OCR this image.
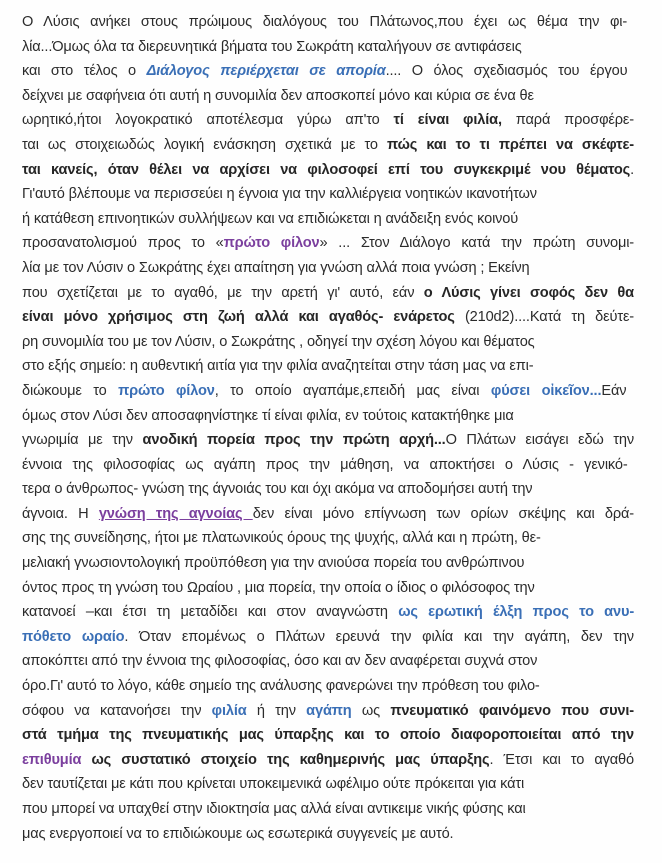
Ο Λύσις ανήκει στους πρώιμους διαλόγους του Πλάτωνος,που έχει ως θέμα την φι-
λία...Όμως όλα τα διερευνητικά βήματα του Σωκράτη καταλήγουν σε αντιφάσεις
και στο τέλος ο Διάλογος περιέρχεται σε απορία.... Ο όλος σχεδιασμός του έργου
δείχνει με σαφήνεια ότι αυτή η συνομιλία δεν αποσκοπεί μόνο και κύρια σε ένα θε
ωρητικό,ήτοι λογοκρατικό αποτέλεσμα γύρω απ'το τί είναι φιλία, παρά προσφέρε-
ται ως στοιχειωδώς λογική ενάσκηση σχετικά με το πώς και το τι πρέπει να σκέφτε-
ται κανείς, όταν θέλει να αρχίσει να φιλοσοφεί επί του συγκεκριμέ νου θέματος.
Γι'αυτό βλέπουμε να περισσεύει η έγνοια για την καλλιέργεια νοητικών ικανοτήτων
ή κατάθεση επινοητικών συλλήψεων και να επιδιώκεται η ανάδειξη ενός κοινού
προσανατολισμού προς το «πρώτο φίλον» ... Στον Διάλογο κατά την πρώτη συνομι-
λία με τον Λύσιν ο Σωκράτης έχει απαίτηση για γνώση αλλά ποια γνώση ; Εκείνη
που σχετίζεται με το αγαθό, με την αρετή γι' αυτό, εάν ο Λύσις γίνει σοφός δεν θα
είναι μόνο χρήσιμος στη ζωή αλλά και αγαθός- ενάρετος (210d2)....Κατά τη δεύτε-
ρη συνομιλία του με τον Λύσιν, ο Σωκράτης , οδηγεί την σχέση λόγου και θέματος
στο εξής σημείο: η αυθεντική αιτία για την φιλία αναζητείται στην τάση μας να επι-
διώκουμε το πρώτο φίλον, το οποίο αγαπάμε,επειδή μας είναι φύσει οἰκεῖον...Εάν
όμως στον Λύσι δεν αποσαφηνίστηκε τί είναι φιλία, εν τούτοις κατακτήθηκε μια
γνωριμία με την ανοδική πορεία προς την πρώτη αρχή...Ο Πλάτων εισάγει εδώ την
έννοια της φιλοσοφίας ως αγάπη προς την μάθηση, να αποκτήσει ο Λύσις - γενικό-
τερα ο άνθρωπος- γνώση της άγνοιάς του και όχι ακόμα να αποδομήσει αυτή την
άγνοια. Η γνώση της αγνοίας δεν είναι μόνο επίγνωση των ορίων σκέψης και δρά-
σης της συνείδησης, ήτοι με πλατωνικούς όρους της ψυχής, αλλά και η πρώτη, θε-
μελιακή γνωσιοντολογική προϋπόθεση για την ανιούσα πορεία του ανθρώπινου
όντος προς τη γνώση του Ωραίου , μια πορεία, την οποία ο ίδιος ο φιλόσοφος την
κατανοεί –και έτσι τη μεταδίδει και στον αναγνώστη ως ερωτική έλξη προς το ανυ-
πόθετο ωραίο. Όταν επομένως ο Πλάτων ερευνά την φιλία και την αγάπη, δεν την
αποκόπτει από την έννοια της φιλοσοφίας, όσο και αν δεν αναφέρεται συχνά στον
όρο.Γι' αυτό το λόγο, κάθε σημείο της ανάλυσης φανερώνει την πρόθεση του φιλο-
σόφου να κατανοήσει την φιλία ή την αγάπη ως πνευματικό φαινόμενο που συνι-
στά τμήμα της πνευματικής μας ύπαρξης και το οποίο διαφοροποιείται από την
επιθυμία ως συστατικό στοιχείο της καθημερινής μας ύπαρξης. Έτσι και το αγαθό
δεν ταυτίζεται με κάτι που κρίνεται υποκειμενικά ωφέλιμο ούτε πρόκειται για κάτι
που μπορεί να υπαχθεί στην ιδιοκτησία μας αλλά είναι αντικειμε νικής φύσης και
μας ενεργοποιεί να το επιδιώκουμε ως εσωτερικά συγγενείς με αυτό.
